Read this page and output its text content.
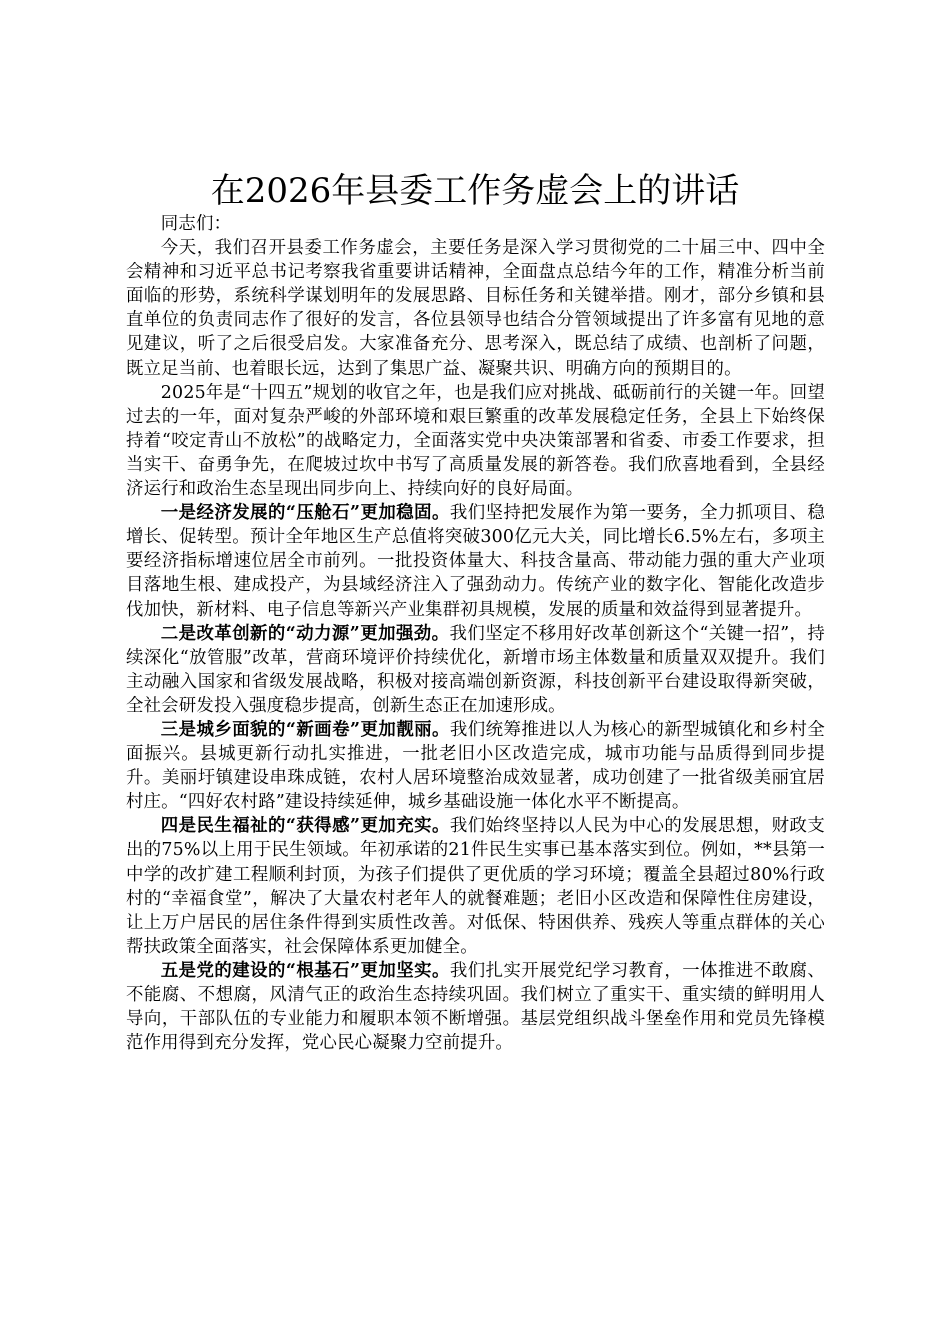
在2026年县委工作务虚会上的讲话

同志们：

今天，我们召开县委工作务虚会，主要任务是深入学习贯彻党的二十届三中、四中全会精神和习近平总书记考察我省重要讲话精神，全面盘点总结今年的工作，精准分析当前面临的形势，系统科学谋划明年的发展思路、目标任务和关键举措。刚才，部分乡镇和县直单位的负责同志作了很好的发言，各位县领导也结合分管领域提出了许多富有见地的意见建议，听了之后很受启发。大家准备充分、思考深入，既总结了成绩、也剖析了问题，既立足当前、也着眼长远，达到了集思广益、凝聚共识、明确方向的预期目的。

2025年是“十四五”规划的收官之年，也是我们应对挑战、砥砺前行的关键一年。回望过去的一年，面对复杂严峻的外部环境和艰巨繁重的改革发展稳定任务，全县上下始终保持着“咬定青山不放松”的战略定力，全面落实党中央决策部署和省委、市委工作要求，担当实干、奋勇争先，在爬坡过坎中书写了高质量发展的新答卷。我们欣喜地看到，全县经济运行和政治生态呈现出同步向上、持续向好的良好局面。

一是经济发展的“压舱石”更加稳固。我们坚持把发展作为第一要务，全力抓项目、稳增长、促转型。预计全年地区生产总值将突破300亿元大关，同比增长6.5%左右，多项主要经济指标增速位居全市前列。一批投资体量大、科技含量高、带动能力强的重大产业项目落地生根、建成投产，为县域经济注入了强劲动力。传统产业的数字化、智能化改造步伐加快，新材料、电子信息等新兴产业集群初具规模，发展的质量和效益得到显著提升。

二是改革创新的“动力源”更加强劲。我们坚定不移用好改革创新这个“关键一招”，持续深化“放管服”改革，营商环境评价持续优化，新增市场主体数量和质量双双提升。我们主动融入国家和省级发展战略，积极对接高端创新资源，科技创新平台建设取得新突破，全社会研发投入强度稳步提高，创新生态正在加速形成。

三是城乡面貌的“新画卷”更加靓丽。我们统筹推进以人为核心的新型城镇化和乡村全面振兴。县城更新行动扎实推进，一批老旧小区改造完成，城市功能与品质得到同步提升。美丽圩镇建设串珠成链，农村人居环境整治成效显著，成功创建了一批省级美丽宜居村庄。“四好农村路”建设持续延伸，城乡基础设施一体化水平不断提高。

四是民生福祉的“获得感”更加充实。我们始终坚持以人民为中心的发展思想，财政支出的75%以上用于民生领域。年初承诺的21件民生实事已基本落实到位。例如，**县第一中学的改扩建工程顺利封顶，为孩子们提供了更优质的学习环境；覆盖全县超过80%行政村的“幸福食堂”，解决了大量农村老年人的就餐难题；老旧小区改造和保障性住房建设，让上万户居民的居住条件得到实质性改善。对低保、特困供养、残疾人等重点群体的关心帮扶政策全面落实，社会保障体系更加健全。

五是党的建设的“根基石”更加坚实。我们扎实开展党纪学习教育，一体推进不敢腐、不能腐、不想腐，风清气正的政治生态持续巩固。我们树立了重实干、重实绩的鲜明用人导向，干部队伍的专业能力和履职本领不断增强。基层党组织战斗堡垒作用和党员先锋模范作用得到充分发挥，党心民心凝聚力空前提升。
